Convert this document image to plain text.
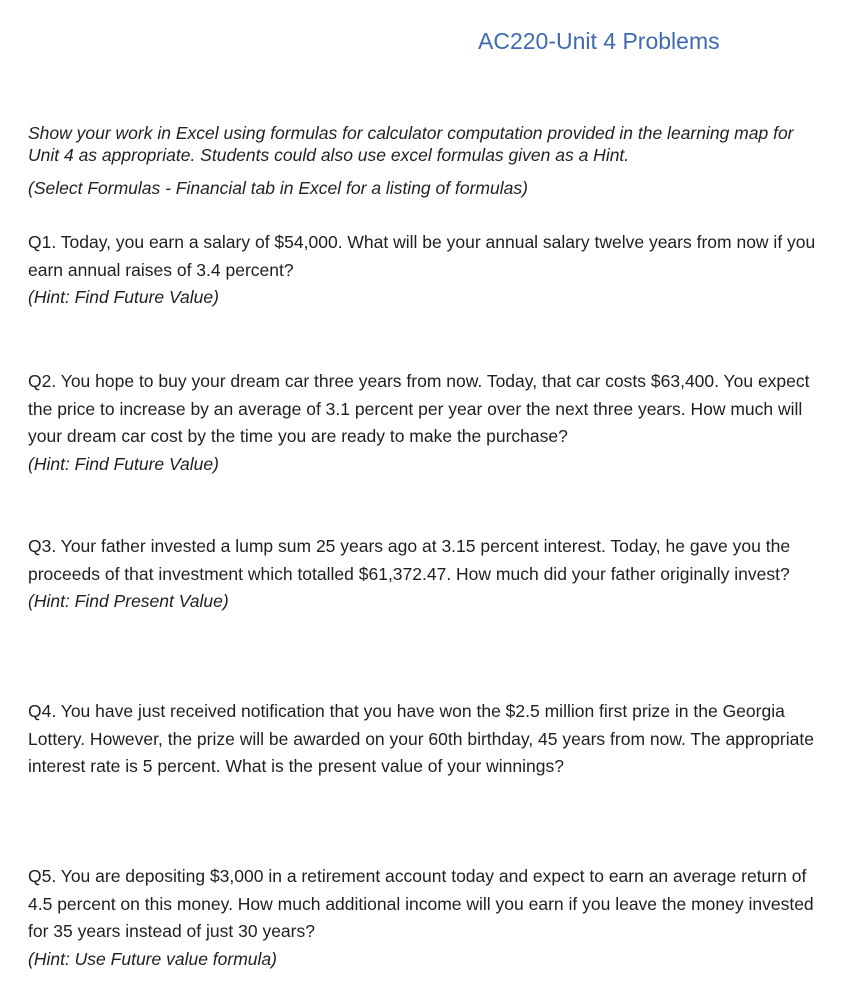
AC220-Unit 4 Problems
Show your work in Excel using formulas for calculator computation provided in the learning map for Unit 4 as appropriate. Students could also use excel formulas given as a Hint.
(Select Formulas - Financial tab in Excel for a listing of formulas)
Q1. Today, you earn a salary of $54,000. What will be your annual salary twelve years from now if you earn annual raises of 3.4 percent?
(Hint: Find Future Value)
Q2. You hope to buy your dream car three years from now. Today, that car costs $63,400. You expect the price to increase by an average of 3.1 percent per year over the next three years. How much will your dream car cost by the time you are ready to make the purchase?
(Hint: Find Future Value)
Q3. Your father invested a lump sum 25 years ago at 3.15 percent interest. Today, he gave you the proceeds of that investment which totalled $61,372.47. How much did your father originally invest?
(Hint: Find Present Value)
Q4. You have just received notification that you have won the $2.5 million first prize in the Georgia Lottery. However, the prize will be awarded on your 60th birthday, 45 years from now. The appropriate interest rate is 5 percent. What is the present value of your winnings?
Q5. You are depositing $3,000 in a retirement account today and expect to earn an average return of 4.5 percent on this money. How much additional income will you earn if you leave the money invested for 35 years instead of just 30 years?
(Hint: Use Future value formula)
